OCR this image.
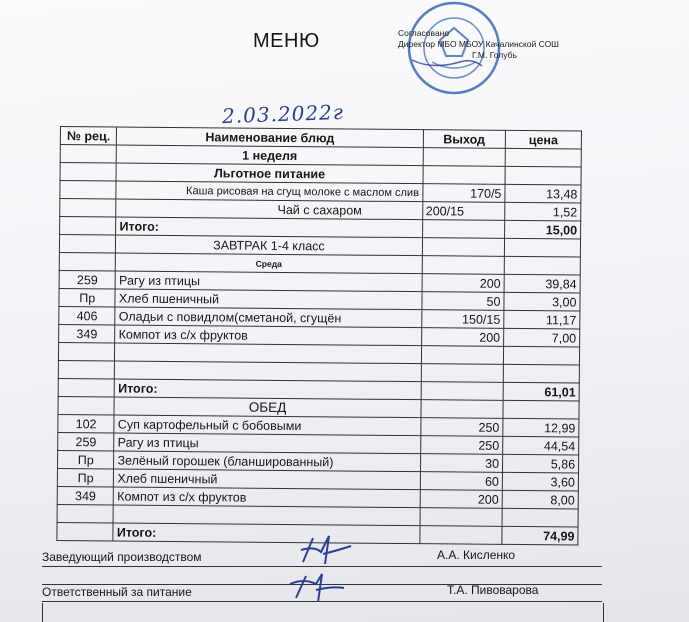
МЕНЮ	Согласовано
Директор МБО МБОУ Качалинской СОШ
Г.М. Голубь
2.03.2022г
№ рец.	Наименование блюд	Выход	цена
	1 неделя		
	Льготное питание		
	Каша рисовая на сгущ молоке с маслом слив	170/5	13,48
	Чай с сахаром	200/15	1,52
	Итого:		15,00
	ЗАВТРАК 1-4 класс		
	Среда		
259	Рагу из птицы	200	39,84
Пр	Хлеб пшеничный	50	3,00
406	Оладьи с повидлом(сметаной, сгущён	150/15	11,17
349	Компот из с/х фруктов	200	7,00

	Итого:		61,01
	ОБЕД		
102	Суп картофельный с бобовыми	250	12,99
259	Рагу из птицы	250	44,54
Пр	Зелёный горошек (бланшированный)	30	5,86
Пр	Хлеб пшеничный	60	3,60
349	Компот из с/х фруктов	200	8,00

	Итого:		74,99
Заведующий производством	А.А. Кисленко
Ответственный за питание	Т.А. Пивоварова
